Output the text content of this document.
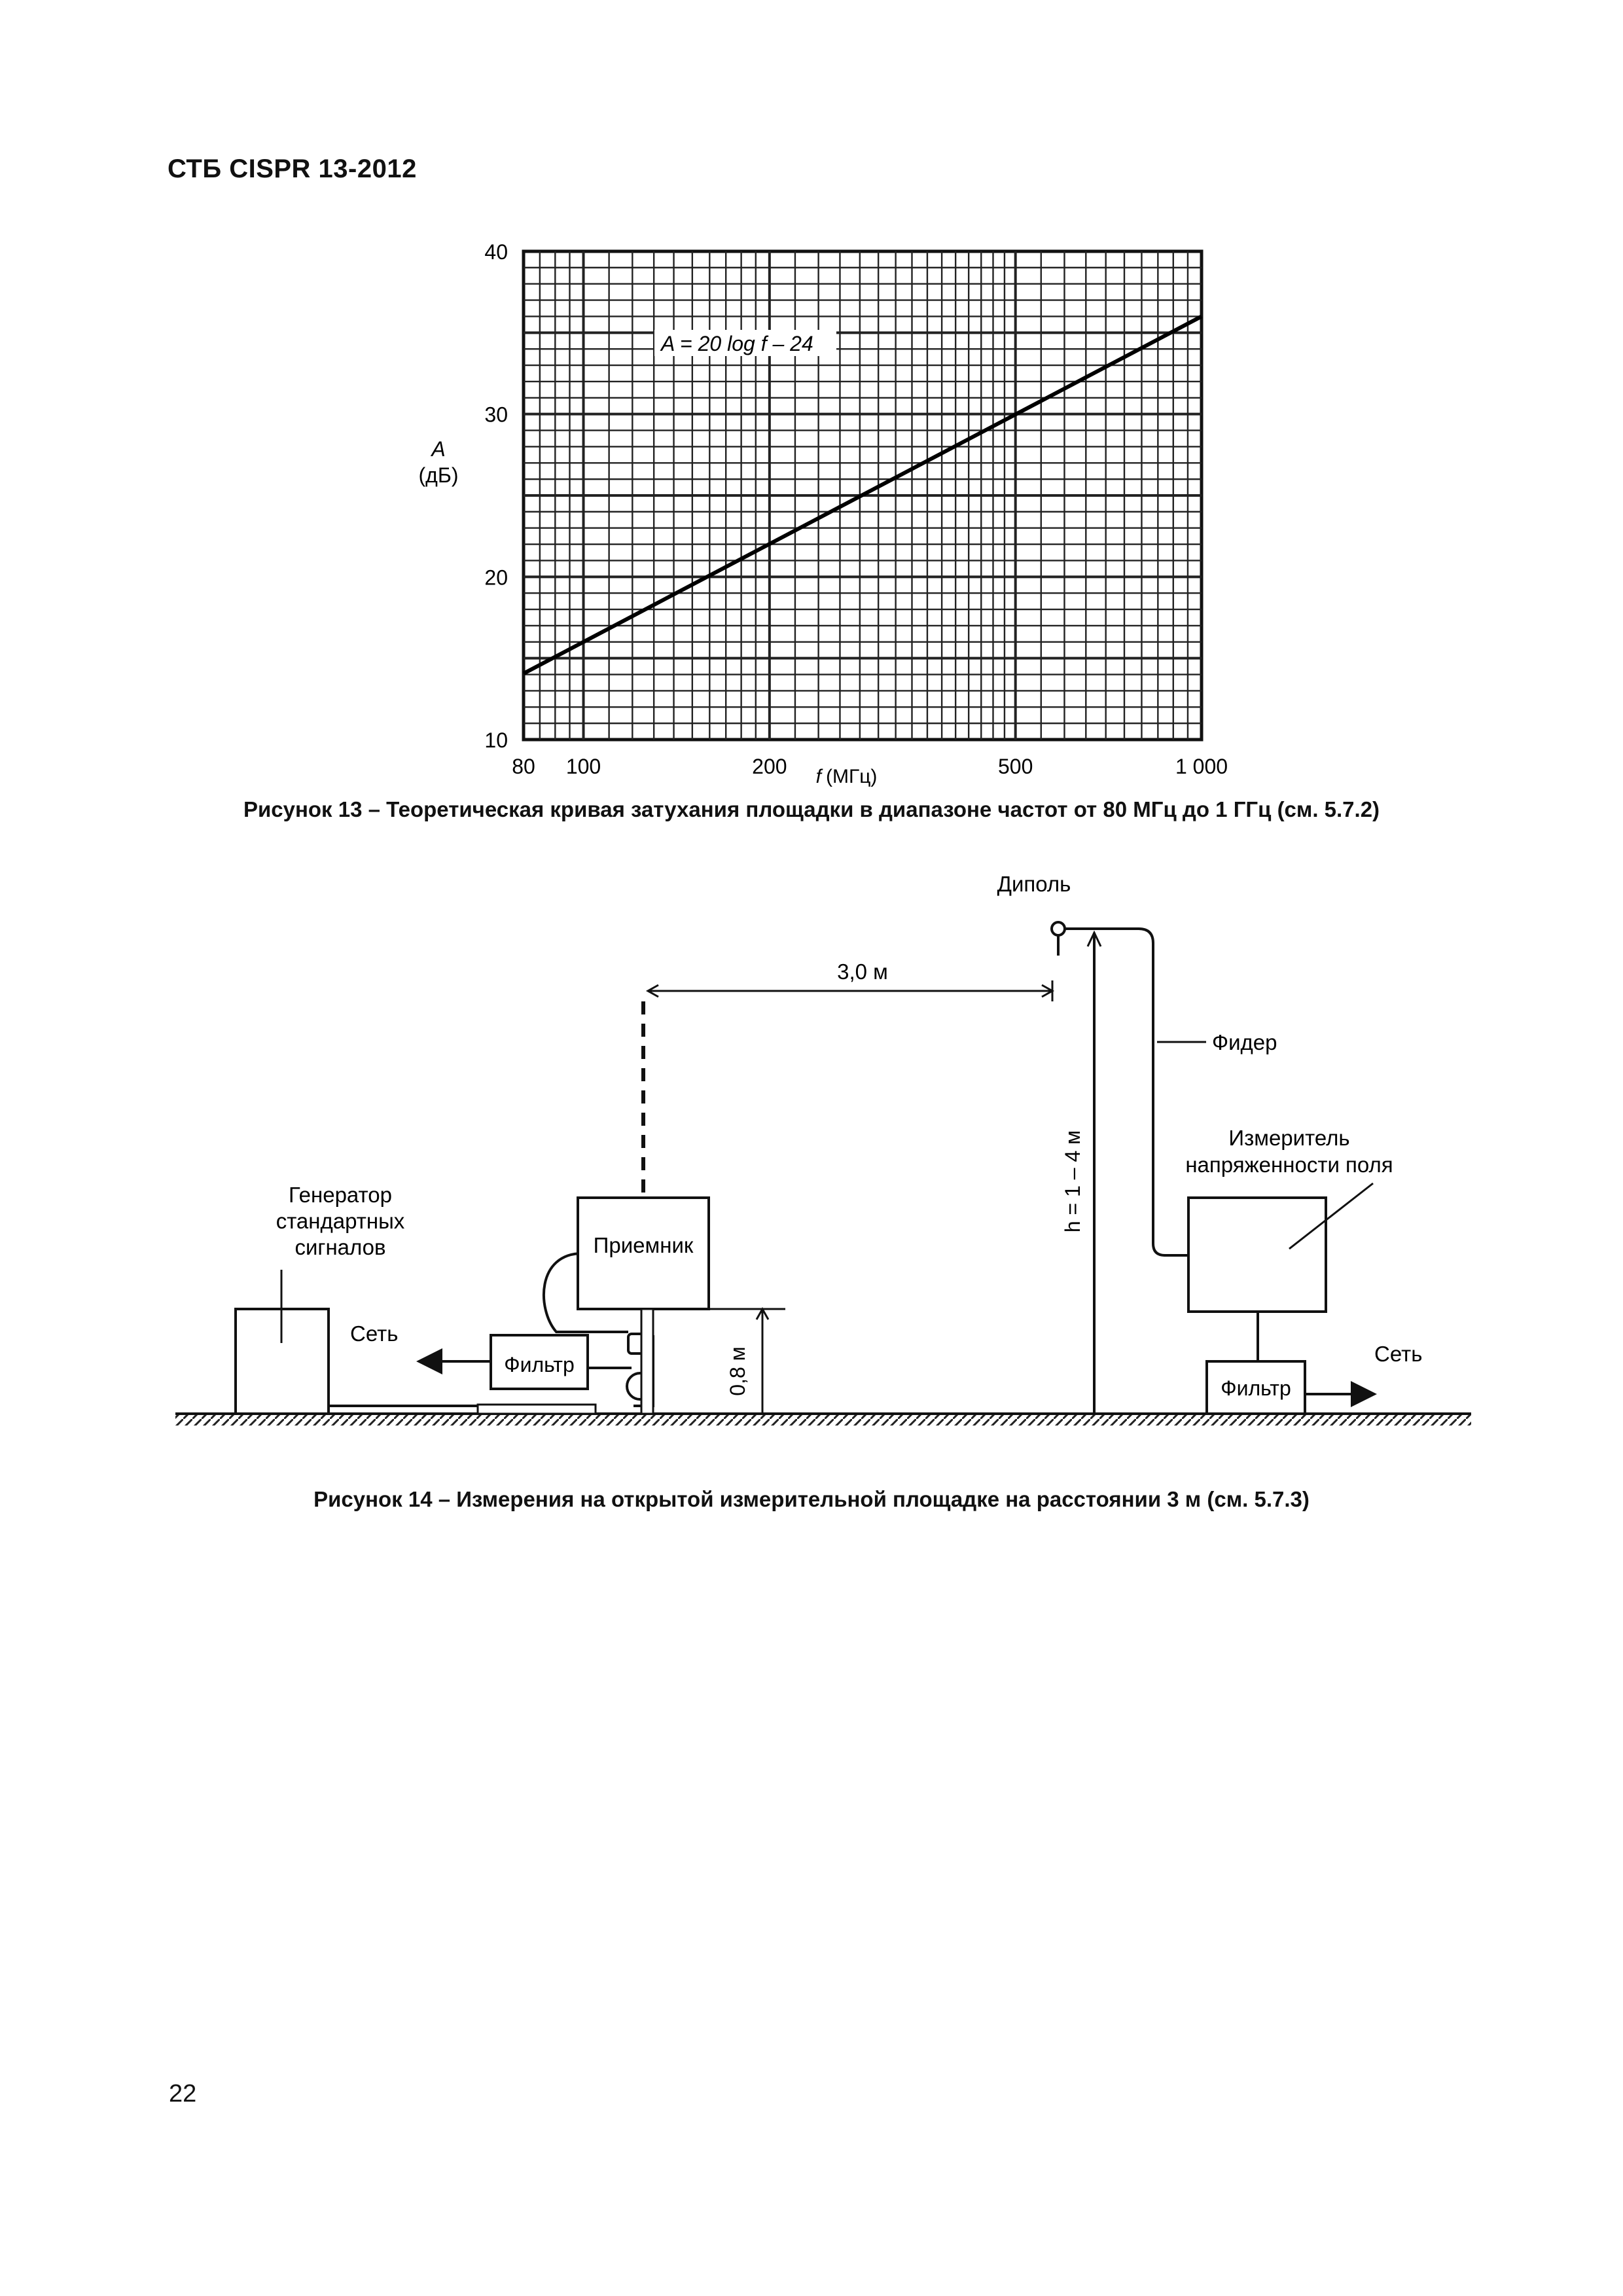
СТБ CISPR 13-2012
A = 20 log f – 24
80 100	200	500	1 000
10
20
30
40
A
(дБ)
f (МГц)
Рисунок 13 – Теоретическая кривая затухания площадки в диапазоне частот от 80 МГц до 1 ГГц (см. 5.7.2)
Генератор
стандартных
сигналов
Сеть
Фильтр
Приемник
0,8 м
3,0 м
Диполь
h = 1 – 4 м
Фидер
Измеритель
напряженности поля
Фильтр
Сеть
Рисунок 14 – Измерения на открытой измерительной площадке на расстоянии 3 м (см. 5.7.3)
22
